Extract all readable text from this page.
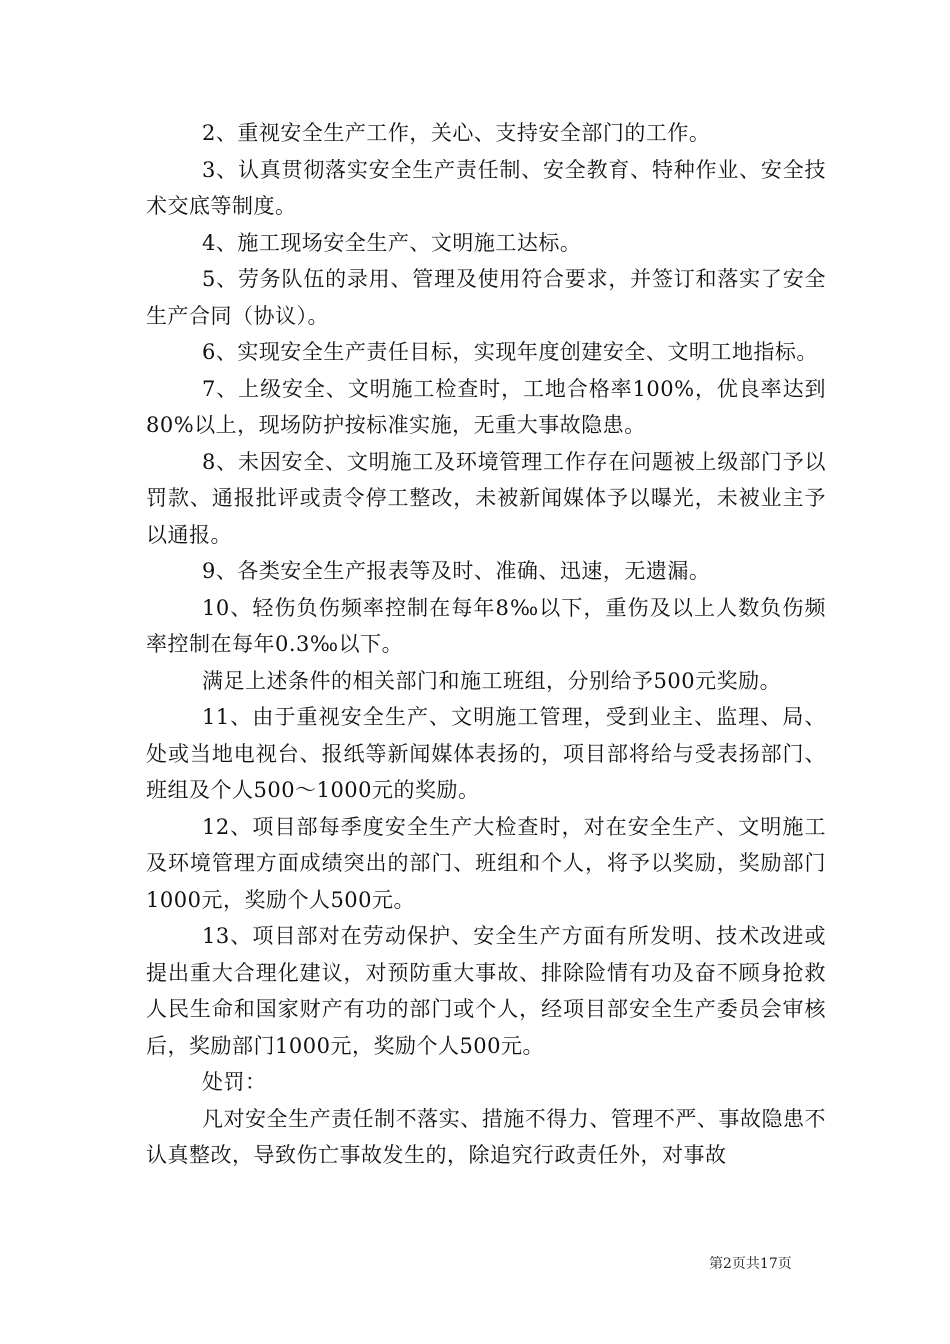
2、重视安全生产工作，关心、支持安全部门的工作。

3、认真贯彻落实安全生产责任制、安全教育、特种作业、安全技术交底等制度。

4、施工现场安全生产、文明施工达标。

5、劳务队伍的录用、管理及使用符合要求，并签订和落实了安全生产合同（协议）。

6、实现安全生产责任目标，实现年度创建安全、文明工地指标。

7、上级安全、文明施工检查时，工地合格率100%，优良率达到80%以上，现场防护按标准实施，无重大事故隐患。

8、未因安全、文明施工及环境管理工作存在问题被上级部门予以罚款、通报批评或责令停工整改，未被新闻媒体予以曝光，未被业主予以通报。

9、各类安全生产报表等及时、准确、迅速，无遗漏。

10、轻伤负伤频率控制在每年8‰以下，重伤及以上人数负伤频率控制在每年0.3‰以下。

满足上述条件的相关部门和施工班组，分别给予500元奖励。

11、由于重视安全生产、文明施工管理，受到业主、监理、局、处或当地电视台、报纸等新闻媒体表扬的，项目部将给与受表扬部门、班组及个人500～1000元的奖励。

12、项目部每季度安全生产大检查时，对在安全生产、文明施工及环境管理方面成绩突出的部门、班组和个人，将予以奖励，奖励部门1000元，奖励个人500元。

13、项目部对在劳动保护、安全生产方面有所发明、技术改进或提出重大合理化建议，对预防重大事故、排除险情有功及奋不顾身抢救人民生命和国家财产有功的部门或个人，经项目部安全生产委员会审核后，奖励部门1000元，奖励个人500元。

处罚：

凡对安全生产责任制不落实、措施不得力、管理不严、事故隐患不认真整改，导致伤亡事故发生的，除追究行政责任外，对事故

第2页共17页
